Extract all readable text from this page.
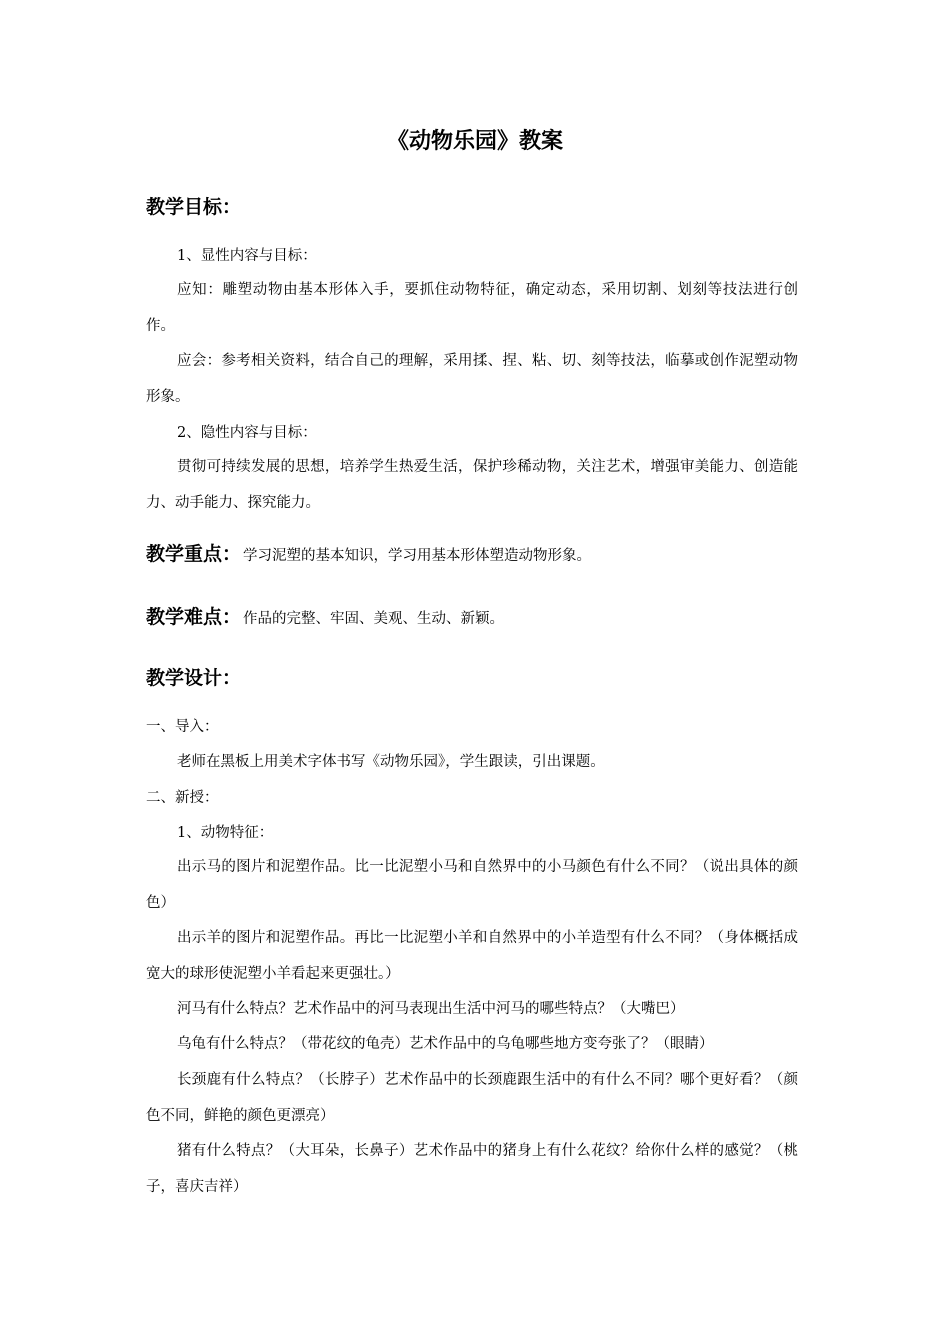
《动物乐园》教案
教学目标：
1、显性内容与目标：
应知：雕塑动物由基本形体入手，要抓住动物特征，确定动态，采用切割、划刻等技法进行创作。
应会：参考相关资料，结合自己的理解，采用揉、捏、粘、切、刻等技法，临摹或创作泥塑动物形象。
2、隐性内容与目标：
贯彻可持续发展的思想，培养学生热爱生活，保护珍稀动物，关注艺术，增强审美能力、创造能力、动手能力、探究能力。
教学重点： 学习泥塑的基本知识，学习用基本形体塑造动物形象。
教学难点： 作品的完整、牢固、美观、生动、新颖。
教学设计：
一、导入：
老师在黑板上用美术字体书写《动物乐园》，学生跟读，引出课题。
二、新授：
1、动物特征：
出示马的图片和泥塑作品。比一比泥塑小马和自然界中的小马颜色有什么不同？（说出具体的颜色）
出示羊的图片和泥塑作品。再比一比泥塑小羊和自然界中的小羊造型有什么不同？（身体概括成宽大的球形使泥塑小羊看起来更强壮。）
河马有什么特点？艺术作品中的河马表现出生活中河马的哪些特点？（大嘴巴）
乌龟有什么特点？（带花纹的龟壳）艺术作品中的乌龟哪些地方变夸张了？（眼睛）
长颈鹿有什么特点？（长脖子）艺术作品中的长颈鹿跟生活中的有什么不同？哪个更好看？（颜色不同，鲜艳的颜色更漂亮）
猪有什么特点？（大耳朵，长鼻子）艺术作品中的猪身上有什么花纹？给你什么样的感觉？（桃子，喜庆吉祥）
